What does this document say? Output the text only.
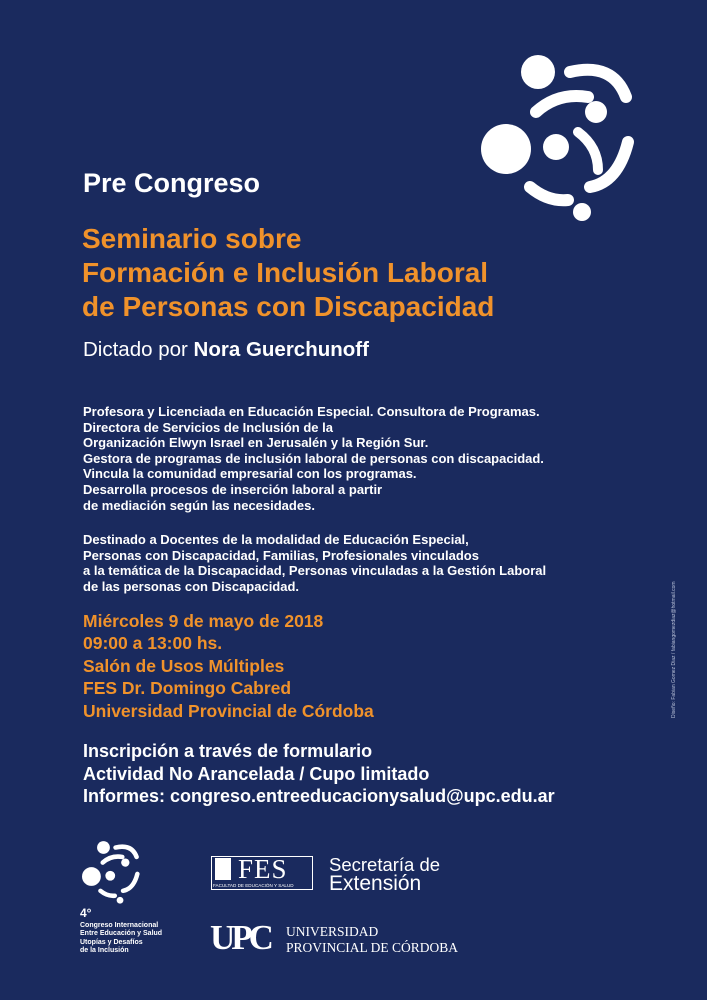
Pre Congreso
Seminario sobre
Formación e Inclusión Laboral
de Personas con Discapacidad
Dictado por Nora Guerchunoff
Profesora y Licenciada en Educación Especial. Consultora de Programas.
Directora de Servicios de Inclusión de la
Organización Elwyn Israel en Jerusalén y la Región Sur.
Gestora de programas de inclusión laboral de personas con discapacidad.
Vincula la comunidad empresarial con los programas.
Desarrolla procesos de inserción laboral a partir
de mediación según las necesidades.
Destinado a Docentes de la modalidad de Educación Especial,
Personas con Discapacidad, Familias, Profesionales vinculados
a la temática de la Discapacidad, Personas vinculadas a la Gestión Laboral
de las personas con Discapacidad.
Miércoles 9 de mayo de 2018
09:00 a 13:00 hs.
Salón de Usos Múltiples
FES Dr. Domingo Cabred
Universidad Provincial de Córdoba
Inscripción a través de formulario
Actividad No Arancelada / Cupo limitado
Informes: congreso.entreeducacionysalud@upc.edu.ar
Diseño: Fabian Gomez Diaz / fabiangomezdiaz@hotmail.com
4°
Congreso Internacional
Entre Educación y Salud
Utopías y Desafíos
de la Inclusión
FES
FACULTAD DE EDUCACIÓN Y SALUD
Secretaría de
Extensión
UPC UNIVERSIDAD
PROVINCIAL DE CÓRDOBA
